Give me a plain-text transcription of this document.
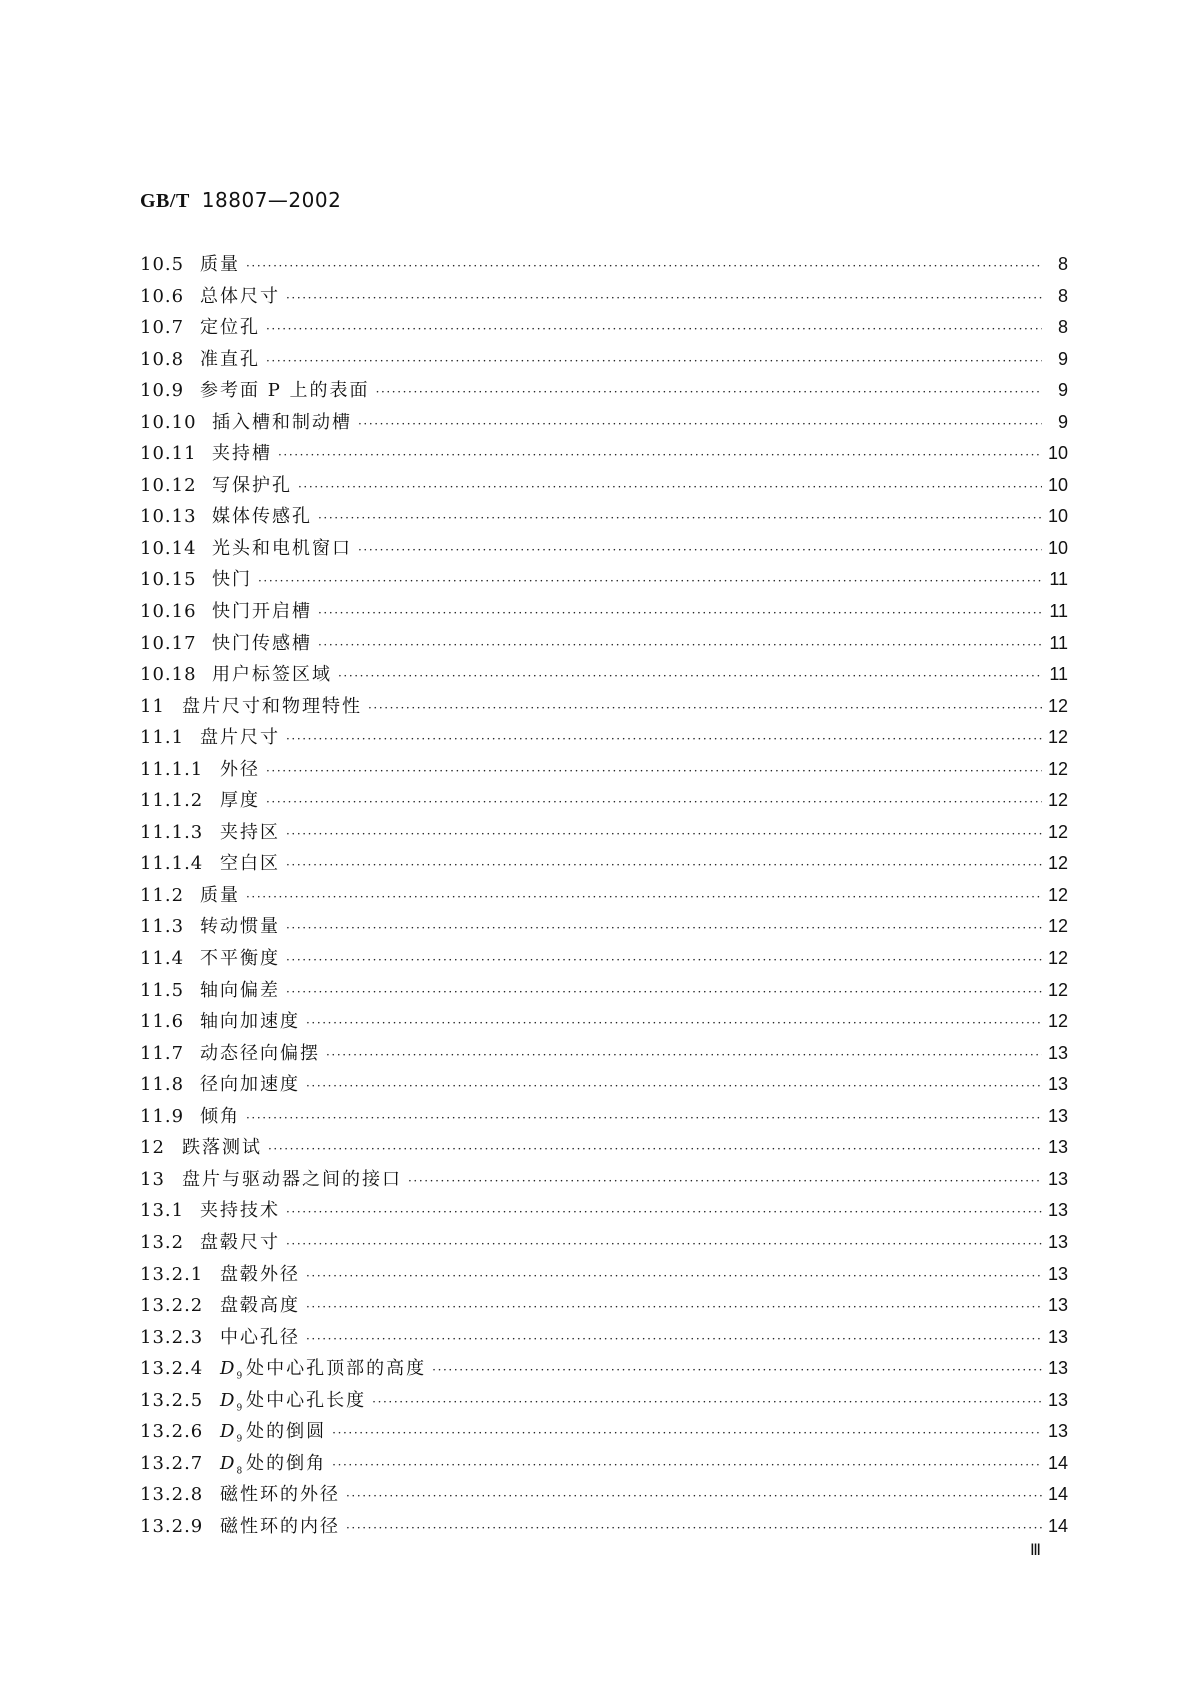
GB/T 18807—2002
10.5 质量 ·····	8
10.6 总体尺寸 ·····	8
10.7 定位孔 ·····	8
10.8 准直孔 ·····	9
10.9 参考面 P 上的表面 ·····	9
10.10 插入槽和制动槽 ·····	9
10.11 夹持槽 ·····	10
10.12 写保护孔 ·····	10
10.13 媒体传感孔 ·····	10
10.14 光头和电机窗口 ·····	10
10.15 快门 ·····	11
10.16 快门开启槽 ·····	11
10.17 快门传感槽 ·····	11
10.18 用户标签区域 ·····	11
11 盘片尺寸和物理特性 ·····	12
11.1 盘片尺寸 ·····	12
11.1.1 外径 ·····	12
11.1.2 厚度 ·····	12
11.1.3 夹持区 ·····	12
11.1.4 空白区 ·····	12
11.2 质量 ·····	12
11.3 转动惯量 ·····	12
11.4 不平衡度 ·····	12
11.5 轴向偏差 ·····	12
11.6 轴向加速度 ·····	12
11.7 动态径向偏摆 ·····	13
11.8 径向加速度 ·····	13
11.9 倾角 ·····	13
12 跌落测试 ·····	13
13 盘片与驱动器之间的接口 ·····	13
13.1 夹持技术 ·····	13
13.2 盘毂尺寸 ·····	13
13.2.1 盘毂外径 ·····	13
13.2.2 盘毂高度 ·····	13
13.2.3 中心孔径 ·····	13
13.2.4 $D_9$ 处中心孔顶部的高度 ·····	13
13.2.5 $D_9$ 处中心孔长度 ·····	13
13.2.6 $D_9$ 处的倒圆 ·····	13
13.2.7 $D_8$ 处的倒角 ·····	14
13.2.8 磁性环的外径 ·····	14
13.2.9 磁性环的内径 ·····	14
Ⅲ
